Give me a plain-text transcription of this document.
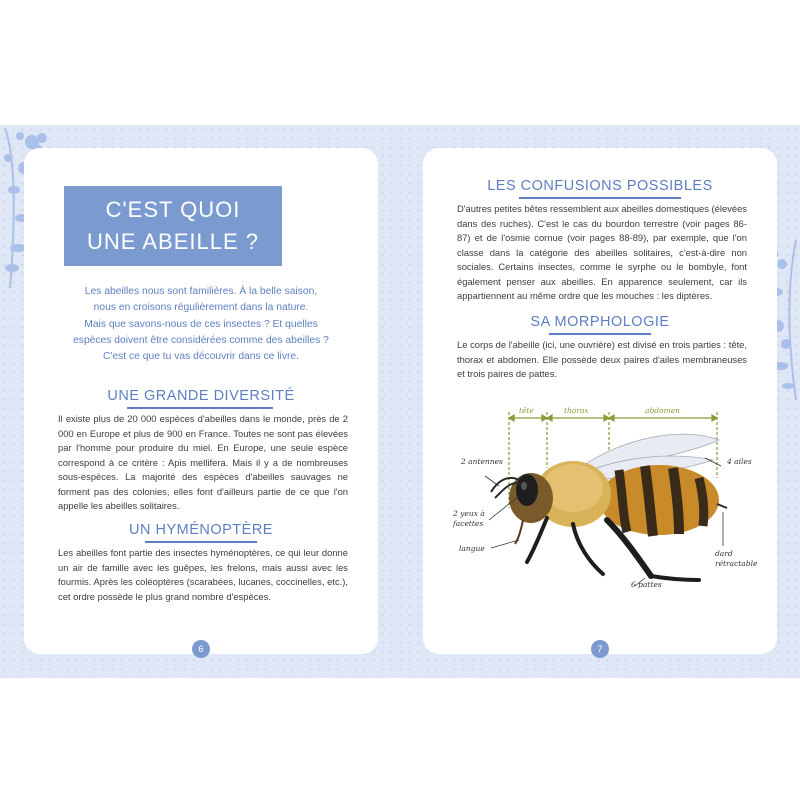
C'EST QUOI
UNE ABEILLE ?
Les abeilles nous sont familières. À la belle saison,
nous en croisons régulièrement dans la nature.
Mais que savons-nous de ces insectes ? Et quelles
espèces doivent être considérées comme des abeilles ?
C'est ce que tu vas découvrir dans ce livre.
UNE GRANDE DIVERSITÉ
Il existe plus de 20 000 espèces d'abeilles dans le monde, près de 2 000 en Europe et plus de 900 en France. Toutes ne sont pas élevées par l'homme pour produire du miel. En Europe, une seule espèce correspond à ce critère : Apis mellifera. Mais il y a de nombreuses sous-espèces. La majorité des espèces d'abeilles sauvages ne forment pas des colonies, elles font d'ailleurs partie de ce que l'on appelle les abeilles solitaires.
UN HYMÉNOPTÈRE
Les abeilles font partie des insectes hyménoptères, ce qui leur donne un air de famille avec les guêpes, les frelons, mais aussi avec les fourmis. Après les coléoptères (scarabées, lucanes, coccinelles, etc.), cet ordre possède le plus grand nombre d'espèces.
6
LES CONFUSIONS POSSIBLES
D'autres petites bêtes ressemblent aux abeilles domestiques (élevées dans des ruches). C'est le cas du bourdon terrestre (voir pages 86-87) et de l'osmie cornue (voir pages 88-89), par exemple, que l'on classe dans la catégorie des abeilles solitaires, c'est-à-dire non sociales. Certains insectes, comme le syrphe ou le bombyle, font également penser aux abeilles. En apparence seulement, car ils appartiennent au même ordre que les mouches : les diptères.
SA MORPHOLOGIE
Le corps de l'abeille (ici, une ouvrière) est divisé en trois parties : tête, thorax et abdomen. Elle possède deux paires d'ailes membraneuses et trois paires de pattes.
tête	thorax	abdomen
2 antennes
2 yeux à
facettes
langue
4 ailes
dard
rétractable
6 pattes
7
